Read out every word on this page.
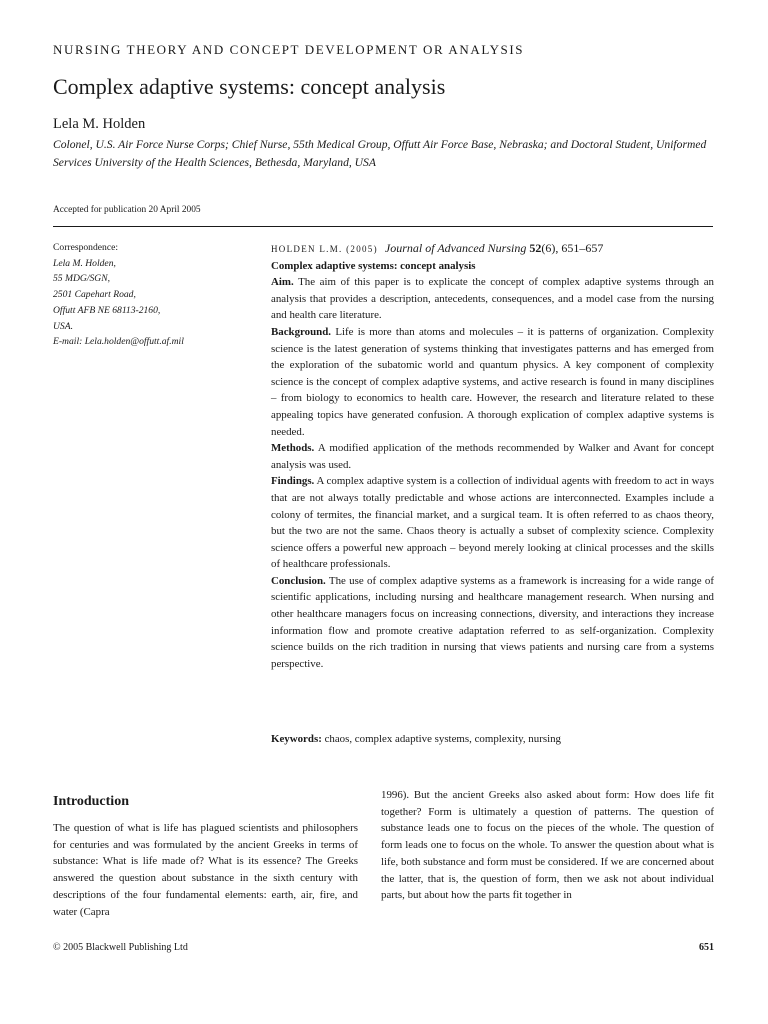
NURSING THEORY AND CONCEPT DEVELOPMENT OR ANALYSIS
Complex adaptive systems: concept analysis
Lela M. Holden
Colonel, U.S. Air Force Nurse Corps; Chief Nurse, 55th Medical Group, Offutt Air Force Base, Nebraska; and Doctoral Student, Uniformed Services University of the Health Sciences, Bethesda, Maryland, USA
Accepted for publication 20 April 2005
Correspondence:
Lela M. Holden,
55 MDG/SGN,
2501 Capehart Road,
Offutt AFB NE 68113-2160,
USA.
E-mail: Lela.holden@offutt.af.mil
HOLDEN L.M. (2005) Journal of Advanced Nursing 52(6), 651–657
Complex adaptive systems: concept analysis

Aim. The aim of this paper is to explicate the concept of complex adaptive systems through an analysis that provides a description, antecedents, consequences, and a model case from the nursing and health care literature.

Background. Life is more than atoms and molecules – it is patterns of organization. Complexity science is the latest generation of systems thinking that investigates patterns and has emerged from the exploration of the subatomic world and quantum physics. A key component of complexity science is the concept of complex adaptive systems, and active research is found in many disciplines – from biology to economics to health care. However, the research and literature related to these appealing topics have generated confusion. A thorough explication of complex adaptive systems is needed.

Methods. A modified application of the methods recommended by Walker and Avant for concept analysis was used.

Findings. A complex adaptive system is a collection of individual agents with freedom to act in ways that are not always totally predictable and whose actions are interconnected. Examples include a colony of termites, the financial market, and a surgical team. It is often referred to as chaos theory, but the two are not the same. Chaos theory is actually a subset of complexity science. Complexity science offers a powerful new approach – beyond merely looking at clinical processes and the skills of healthcare professionals.

Conclusion. The use of complex adaptive systems as a framework is increasing for a wide range of scientific applications, including nursing and healthcare management research. When nursing and other healthcare managers focus on increasing connections, diversity, and interactions they increase information flow and promote creative adaptation referred to as self-organization. Complexity science builds on the rich tradition in nursing that views patients and nursing care from a systems perspective.

Keywords: chaos, complex adaptive systems, complexity, nursing
Introduction
The question of what is life has plagued scientists and philosophers for centuries and was formulated by the ancient Greeks in terms of substance: What is life made of? What is its essence? The Greeks answered the question about substance in the sixth century with descriptions of the four fundamental elements: earth, air, fire, and water (Capra
1996). But the ancient Greeks also asked about form: How does life fit together? Form is ultimately a question of patterns. The question of substance leads one to focus on the pieces of the whole. The question of form leads one to focus on the whole. To answer the question about what is life, both substance and form must be considered. If we are concerned about the latter, that is, the question of form, then we ask not about individual parts, but about how the parts fit together in
© 2005 Blackwell Publishing Ltd	651
